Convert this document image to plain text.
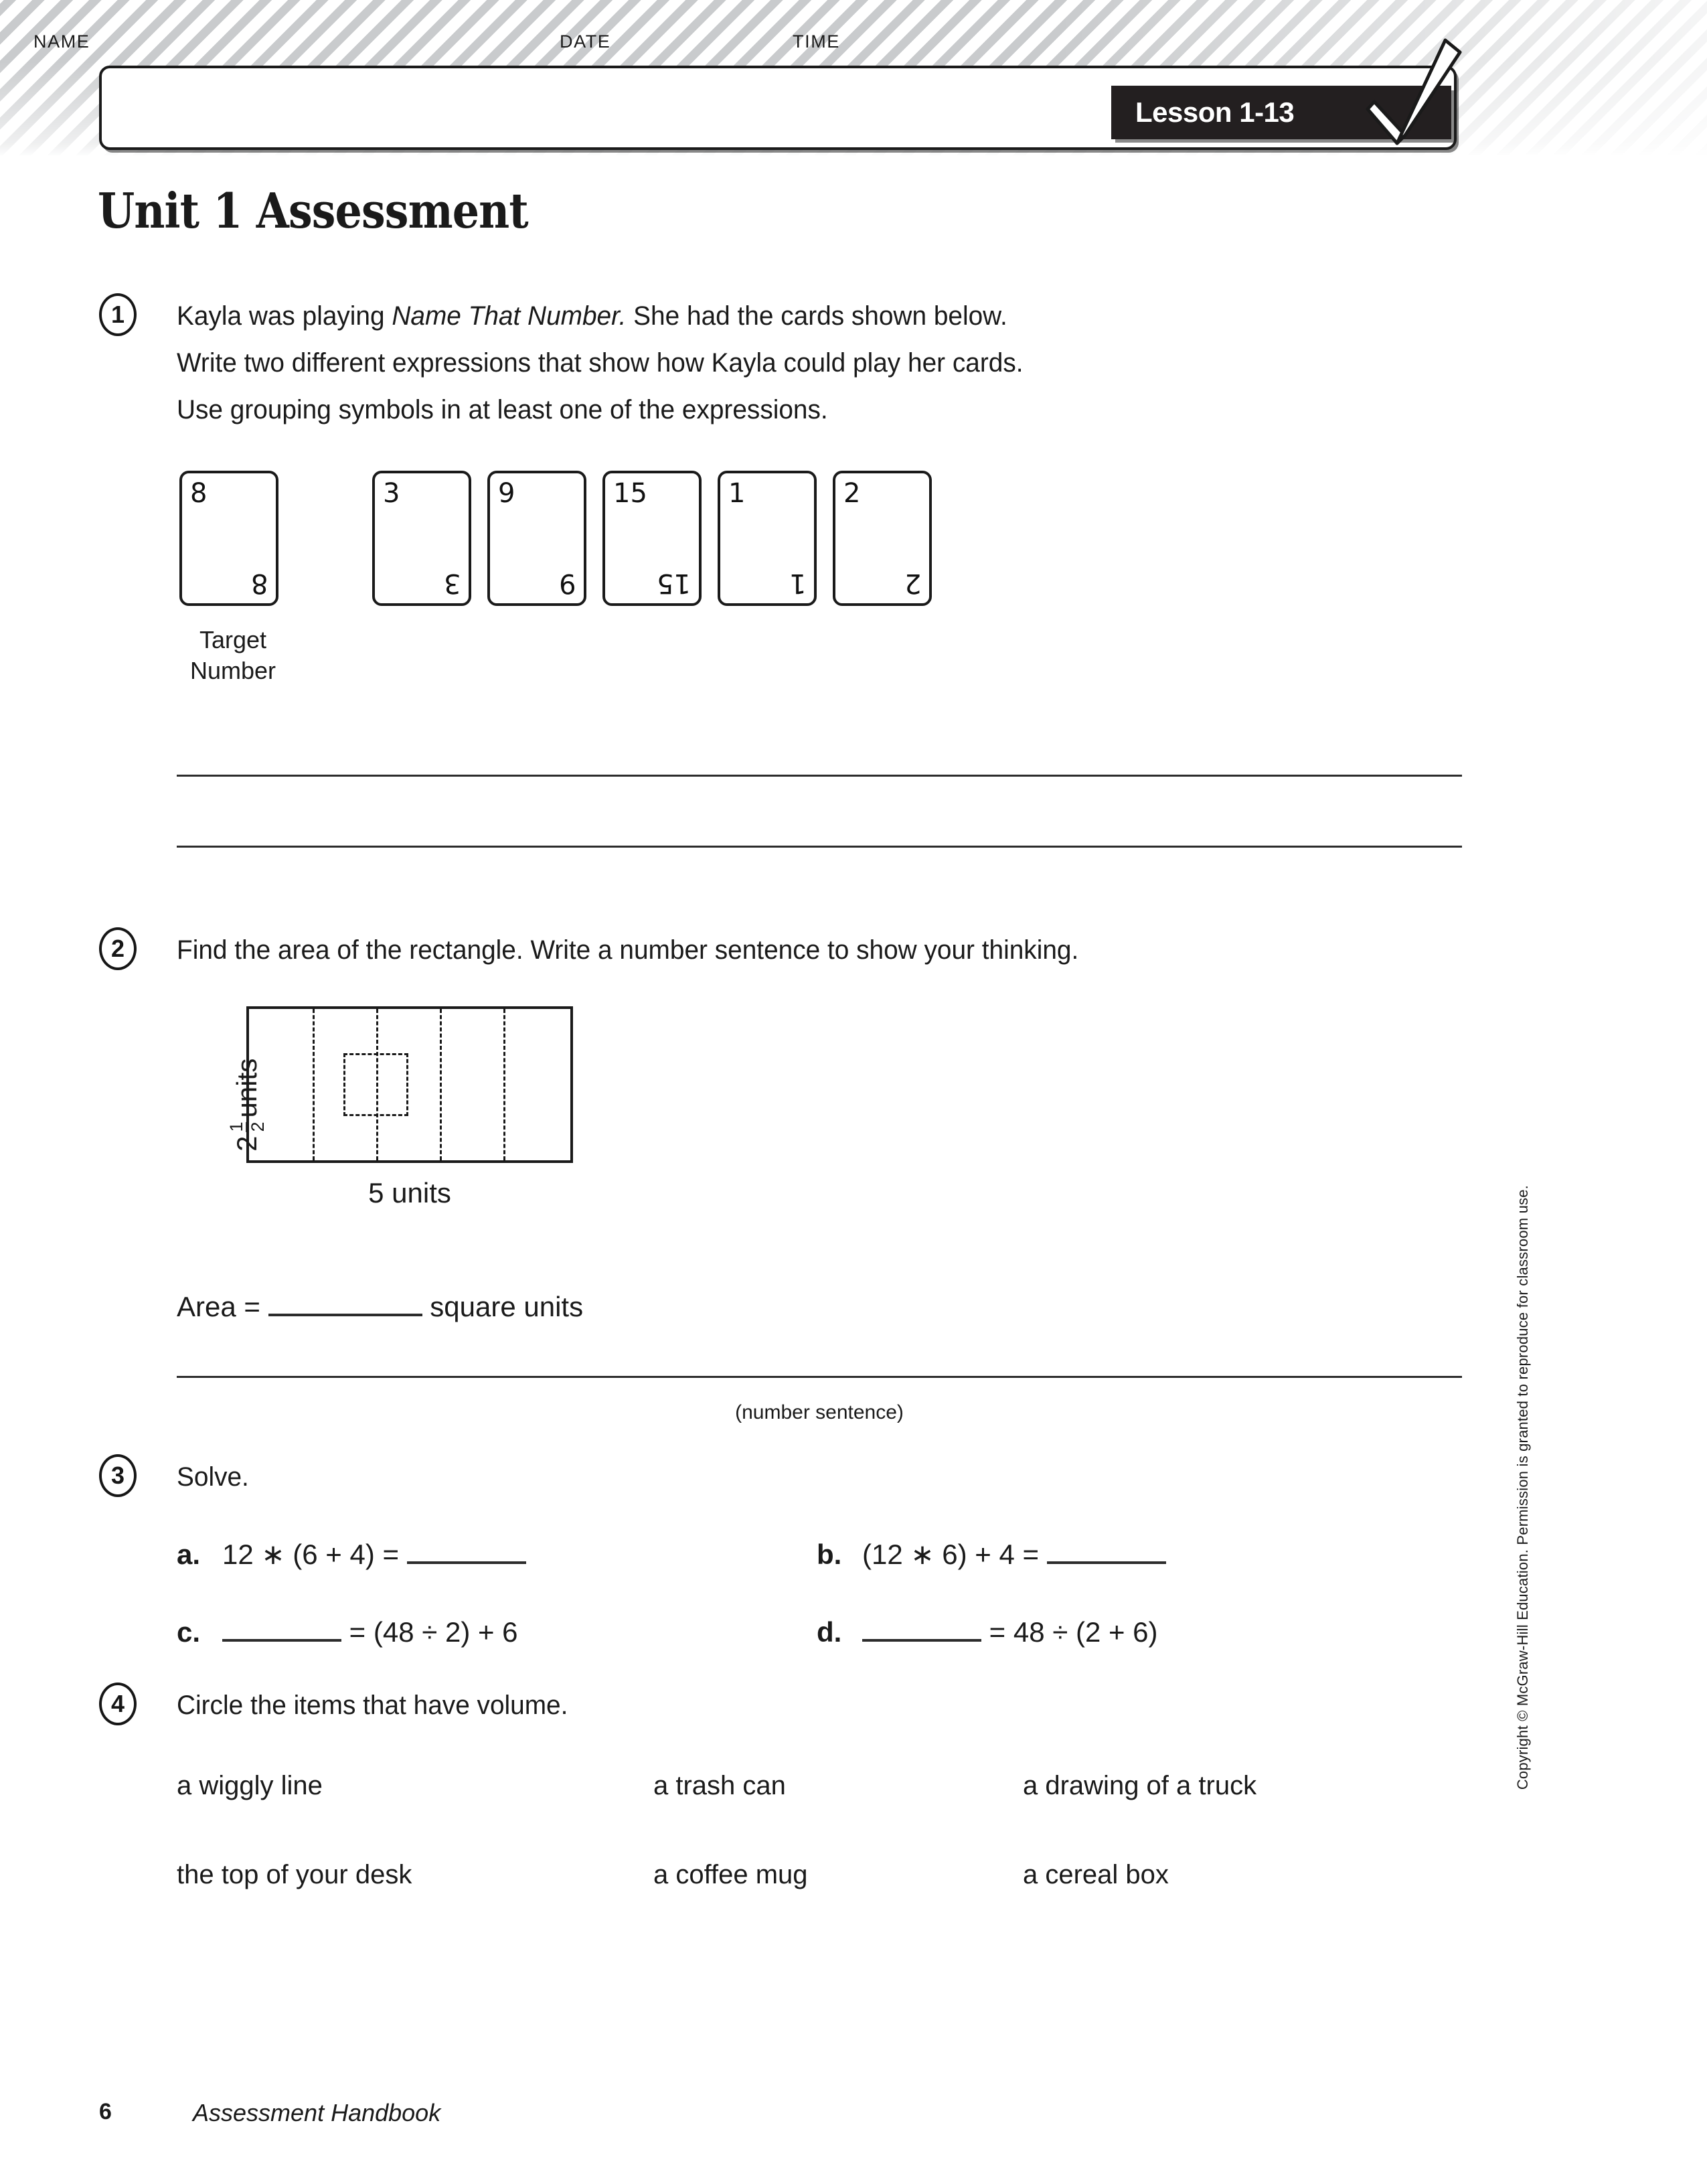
NAME	DATE	TIME
Lesson 1-13
Unit 1 Assessment
1	Kayla was playing Name That Number. She had the cards shown below.
Write two different expressions that show how Kayla could play her cards.
Use grouping symbols in at least one of the expressions.
8
8
3
3
9
9
15
15
1
1
2
2
Target
Number
2	Find the area of the rectangle. Write a number sentence to show your thinking.
2
1 2
units
5 units
Area =	square units
(number sentence)
3	Solve.
a. 12 ∗ (6 + 4) =	b. (12 ∗ 6) + 4 =
c.	= (48 ÷ 2) + 6	d.	= 48 ÷ (2 + 6)
4	Circle the items that have volume.
a wiggly line	a trash can	a drawing of a truck
the top of your desk	a coffee mug	a cereal box
Copyright © McGraw-Hill Education. Permission is granted to reproduce for classroom use.
6	Assessment Handbook
